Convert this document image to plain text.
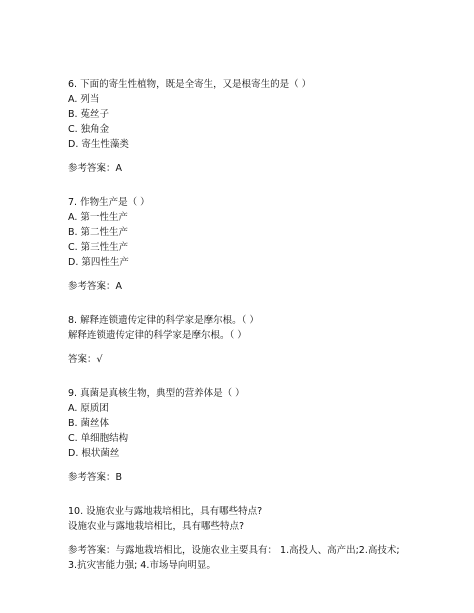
6. 下面的寄生性植物，既是全寄生，又是根寄生的是（ ）
A. 列当
B. 菟丝子
C. 独角金
D. 寄生性藻类
参考答案：A
7. 作物生产是（ ）
A. 第一性生产
B. 第二性生产
C. 第三性生产
D. 第四性生产
参考答案：A
8. 解释连锁遗传定律的科学家是摩尔根。（ ）
解释连锁遗传定律的科学家是摩尔根。（ ）
答案：√
9. 真菌是真核生物，典型的营养体是（ ）
A. 原质团
B. 菌丝体
C. 单细胞结构
D. 根状菌丝
参考答案：B
10. 设施农业与露地栽培相比，具有哪些特点?
设施农业与露地栽培相比，具有哪些特点?
参考答案：与露地栽培相比，设施农业主要具有： 1.高投人、高产出;2.高技术;
3.抗灾害能力强; 4.市场导向明显。
